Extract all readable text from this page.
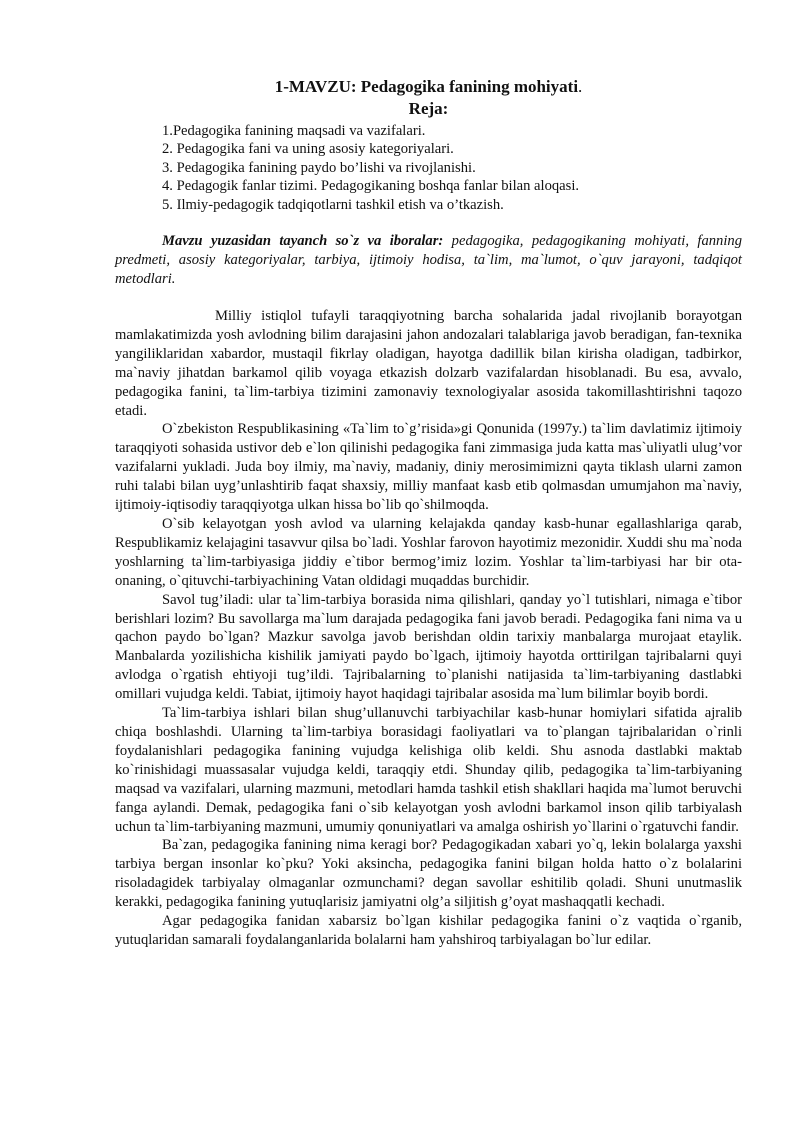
1-MAVZU: Pedagogika fanining mohiyati.
Reja:
1.Pedagogika fanining maqsadi va vazifalari.
2. Pedagogika fani va uning asosiy kategoriyalari.
3. Pedagogika fanining paydo bo’lishi va rivojlanishi.
4. Pedagogik fanlar tizimi. Pedagogikaning boshqa fanlar bilan aloqasi.
5. Ilmiy-pedagogik tadqiqotlarni tashkil etish va o’tkazish.

Mavzu yuzasidan tayanch so`z va iboralar: pedagogika, pedagogikaning mohiyati, fanning predmeti, asosiy kategoriyalar, tarbiya, ijtimoiy hodisa, ta`lim, ma`lumot, o`quv jarayoni, tadqiqot metodlari.

Milliy istiqlol tufayli taraqqiyotning barcha sohalarida jadal rivojlanib borayotgan mamlakatimizda yosh avlodning bilim darajasini jahon andozalari talablariga javob beradigan, fan-texnika yangiliklaridan xabardor, mustaqil fikrlay oladigan, hayotga dadillik bilan kirisha oladigan, tadbirkor, ma`naviy jihatdan barkamol qilib voyaga etkazish dolzarb vazifalardan hisoblanadi. Bu esa, avvalo, pedagogika fanini, ta`lim-tarbiya tizimini zamonaviy texnologiyalar asosida takomillashtirishni taqozo etadi.

O`zbekiston Respublikasining «Ta`lim to`g’risida»gi Qonunida (1997y.) ta`lim davlatimiz ijtimoiy taraqqiyoti sohasida ustivor deb e`lon qilinishi pedagogika fani zimmasiga juda katta mas`uliyatli ulug’vor vazifalarni yukladi. Juda boy ilmiy, ma`naviy, madaniy, diniy merosimimizni qayta tiklash ularni zamon ruhi talabi bilan uyg’unlashtirib faqat shaxsiy, milliy manfaat kasb etib qolmasdan umumjahon ma`naviy, ijtimoiy-iqtisodiy taraqqiyotga ulkan hissa bo`lib qo`shilmoqda.

O`sib kelayotgan yosh avlod va ularning kelajakda qanday kasb-hunar egallashlariga qarab, Respublikamiz kelajagini tasavvur qilsa bo`ladi. Yoshlar farovon hayotimiz mezonidir. Xuddi shu ma`noda yoshlarning ta`lim-tarbiyasiga jiddiy e`tibor bermog’imiz lozim. Yoshlar ta`lim-tarbiyasi har bir ota-onaning, o`qituvchi-tarbiyachining Vatan oldidagi muqaddas burchidir.

Savol tug’iladi: ular ta`lim-tarbiya borasida nima qilishlari, qanday yo`l tutishlari, nimaga e`tibor berishlari lozim? Bu savollarga ma`lum darajada pedagogika fani javob beradi. Pedagogika fani nima va u qachon paydo bo`lgan? Mazkur savolga javob berishdan oldin tarixiy manbalarga murojaat etaylik. Manbalarda yozilishicha kishilik jamiyati paydo bo`lgach, ijtimoiy hayotda orttirilgan tajribalarni quyi avlodga o`rgatish ehtiyoji tug’ildi. Tajribalarning to`planishi natijasida ta`lim-tarbiyaning dastlabki omillari vujudga keldi. Tabiat, ijtimoiy hayot haqidagi tajribalar asosida ma`lum bilimlar boyib bordi.

Ta`lim-tarbiya ishlari bilan shug’ullanuvchi tarbiyachilar kasb-hunar homiylari sifatida ajralib chiqa boshlashdi. Ularning ta`lim-tarbiya borasidagi faoliyatlari va to`plangan tajribalaridan o`rinli foydalanishlari pedagogika fanining vujudga kelishiga olib keldi. Shu asnoda dastlabki maktab ko`rinishidagi muassasalar vujudga keldi, taraqqiy etdi. Shunday qilib, pedagogika ta`lim-tarbiyaning maqsad va vazifalari, ularning mazmuni, metodlari hamda tashkil etish shakllari haqida ma`lumot beruvchi fanga aylandi. Demak, pedagogika fani o`sib kelayotgan yosh avlodni barkamol inson qilib tarbiyalash uchun ta`lim-tarbiyaning mazmuni, umumiy qonuniyatlari va amalga oshirish yo`llarini o`rgatuvchi fandir.

Ba`zan, pedagogika fanining nima keragi bor? Pedagogikadan xabari yo`q, lekin bolalarga yaxshi tarbiya bergan insonlar ko`pku? Yoki aksincha, pedagogika fanini bilgan holda hatto o`z bolalarini risoladagidek tarbiyalay olmaganlar ozmunchami? degan savollar eshitilib qoladi. Shuni unutmaslik kerakki, pedagogika fanining yutuqlarisiz jamiyatni olg’a siljitish g’oyat mashaqqatli kechadi.

Agar pedagogika fanidan xabarsiz bo`lgan kishilar pedagogika fanini o`z vaqtida o`rganib, yutuqlaridan samarali foydalanganlarida bolalarni ham yahshiroq tarbiyalagan bo`lur edilar.
